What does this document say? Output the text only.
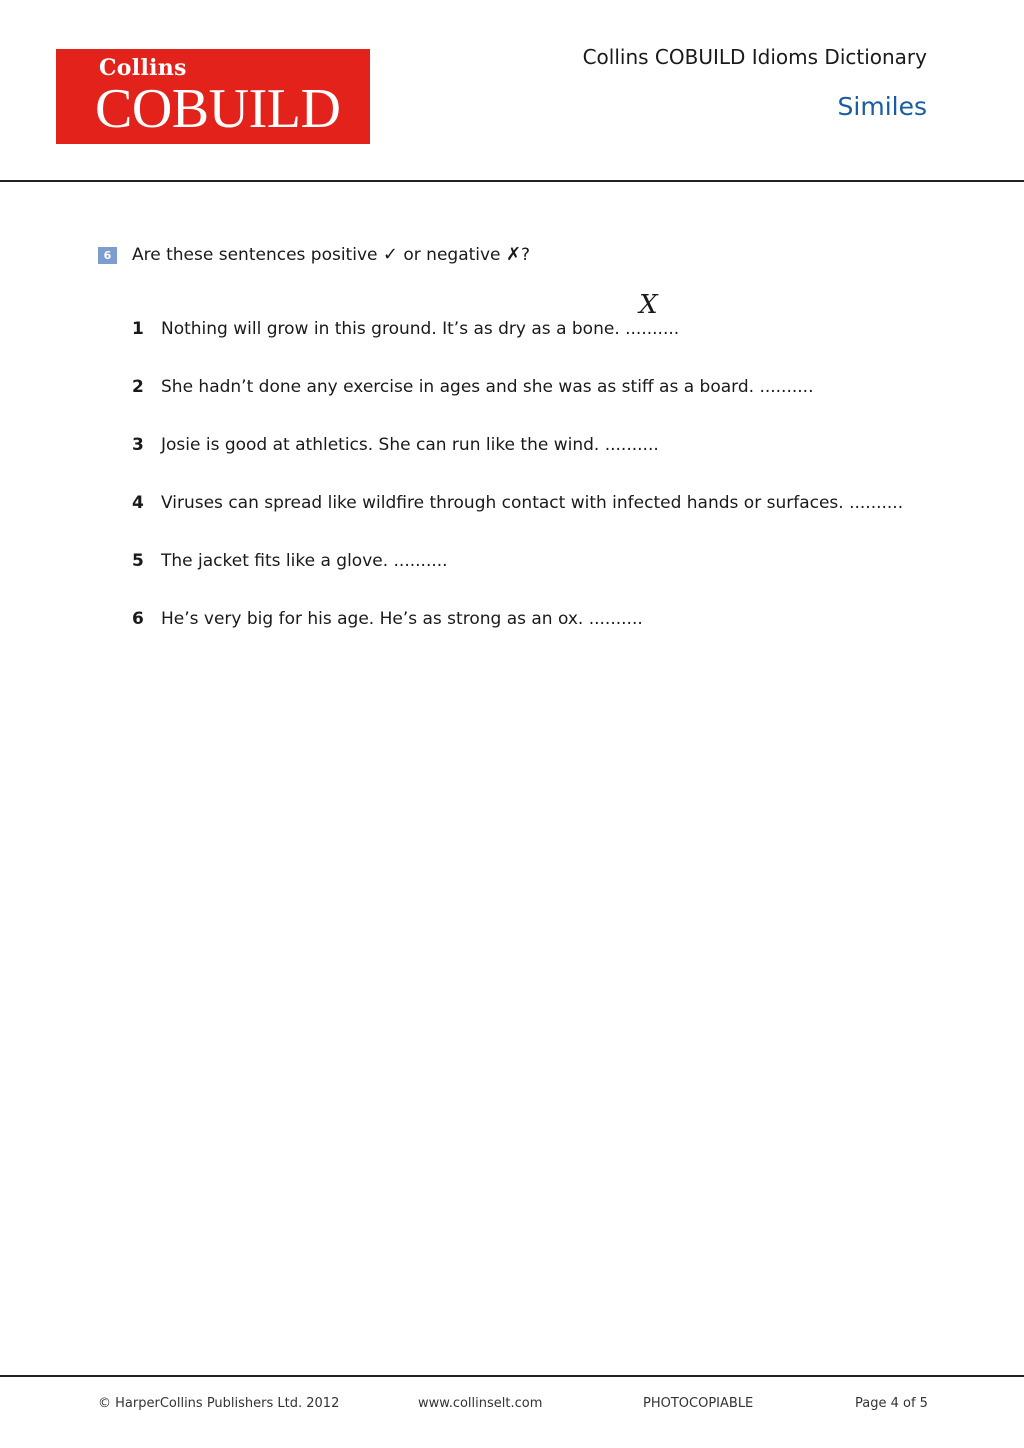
Collins
COBUILD
Collins COBUILD Idioms Dictionary
Similes
6	Are these sentences positive ✓ or negative ✗?
1 Nothing will grow in this ground. It’s as dry as a bone. ..........
X
2 She hadn’t done any exercise in ages and she was as stiff as a board. ..........
3 Josie is good at athletics. She can run like the wind. ..........
4 Viruses can spread like wildfire through contact with infected hands or surfaces. ..........
5 The jacket fits like a glove. ..........
6 He’s very big for his age. He’s as strong as an ox. ..........
© HarperCollins Publishers Ltd. 2012	www.collinselt.com	PHOTOCOPIABLE	Page 4 of 5
